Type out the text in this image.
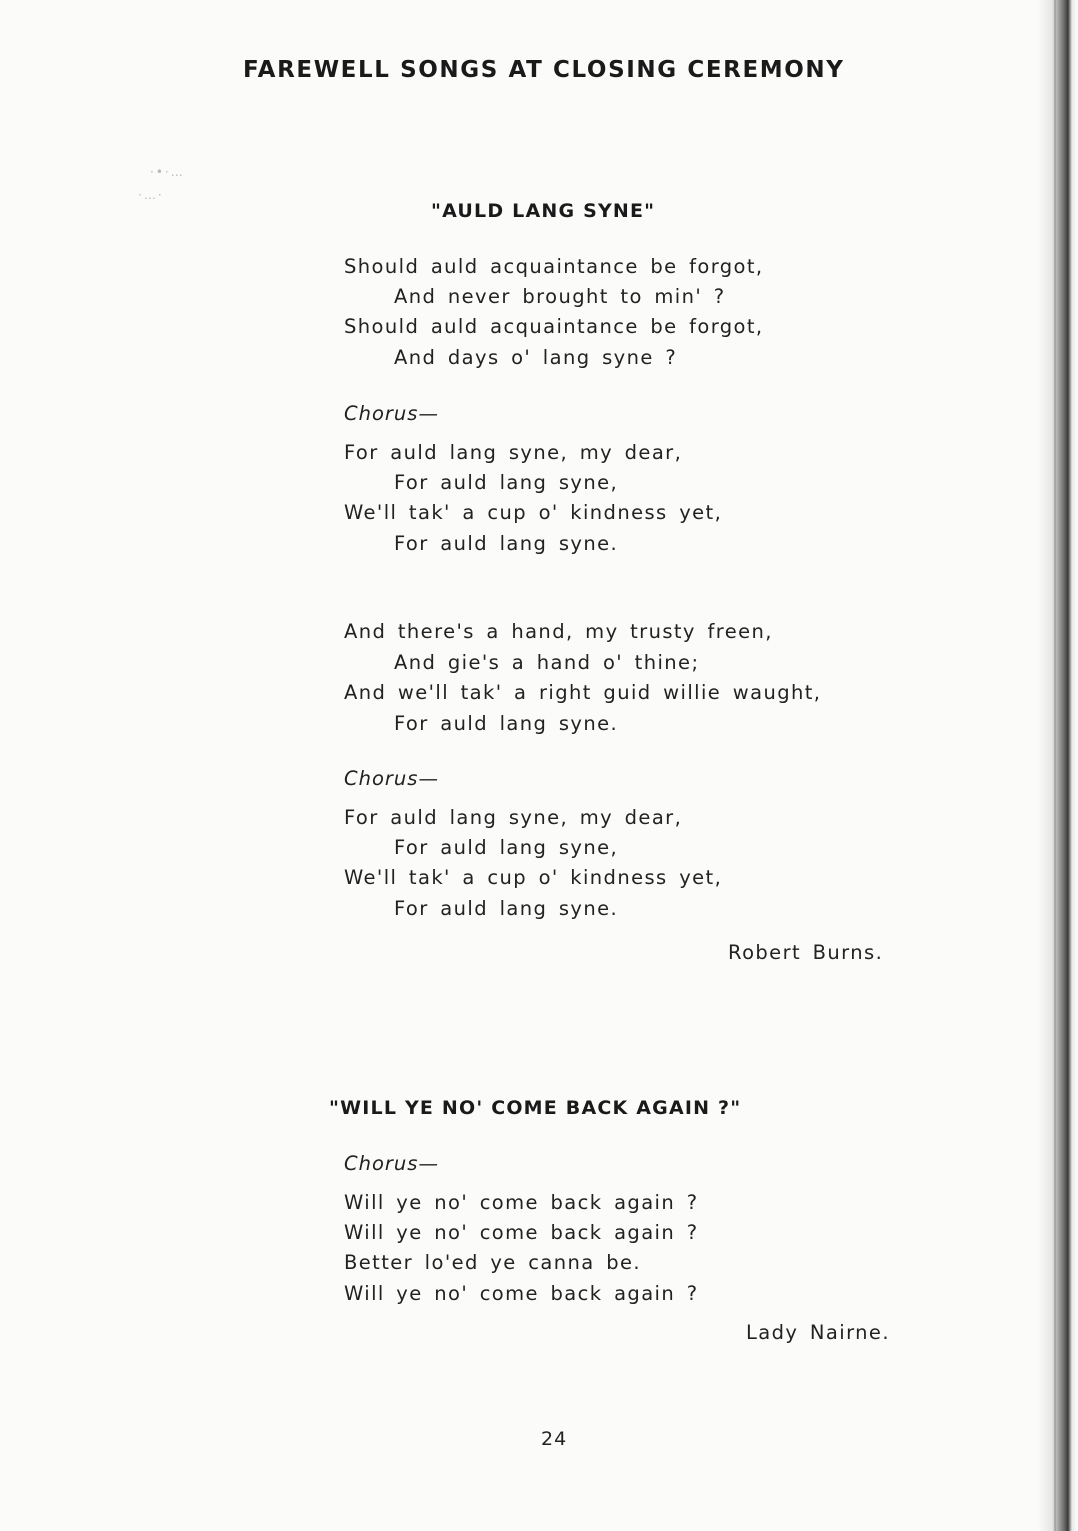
·•·…
·…·
FAREWELL SONGS AT CLOSING CEREMONY
"AULD LANG SYNE"
Should auld acquaintance be forgot,
And never brought to min' ?
Should auld acquaintance be forgot,
And days o' lang syne ?
Chorus—
For auld lang syne, my dear,
For auld lang syne,
We'll tak' a cup o' kindness yet,
For auld lang syne.
And there's a hand, my trusty freen,
And gie's a hand o' thine;
And we'll tak' a right guid willie waught,
For auld lang syne.
Chorus—
For auld lang syne, my dear,
For auld lang syne,
We'll tak' a cup o' kindness yet,
For auld lang syne.
Robert Burns.
"WILL YE NO' COME BACK AGAIN ?"
Chorus—
Will ye no' come back again ?
Will ye no' come back again ?
Better lo'ed ye canna be.
Will ye no' come back again ?
Lady Nairne.
24
